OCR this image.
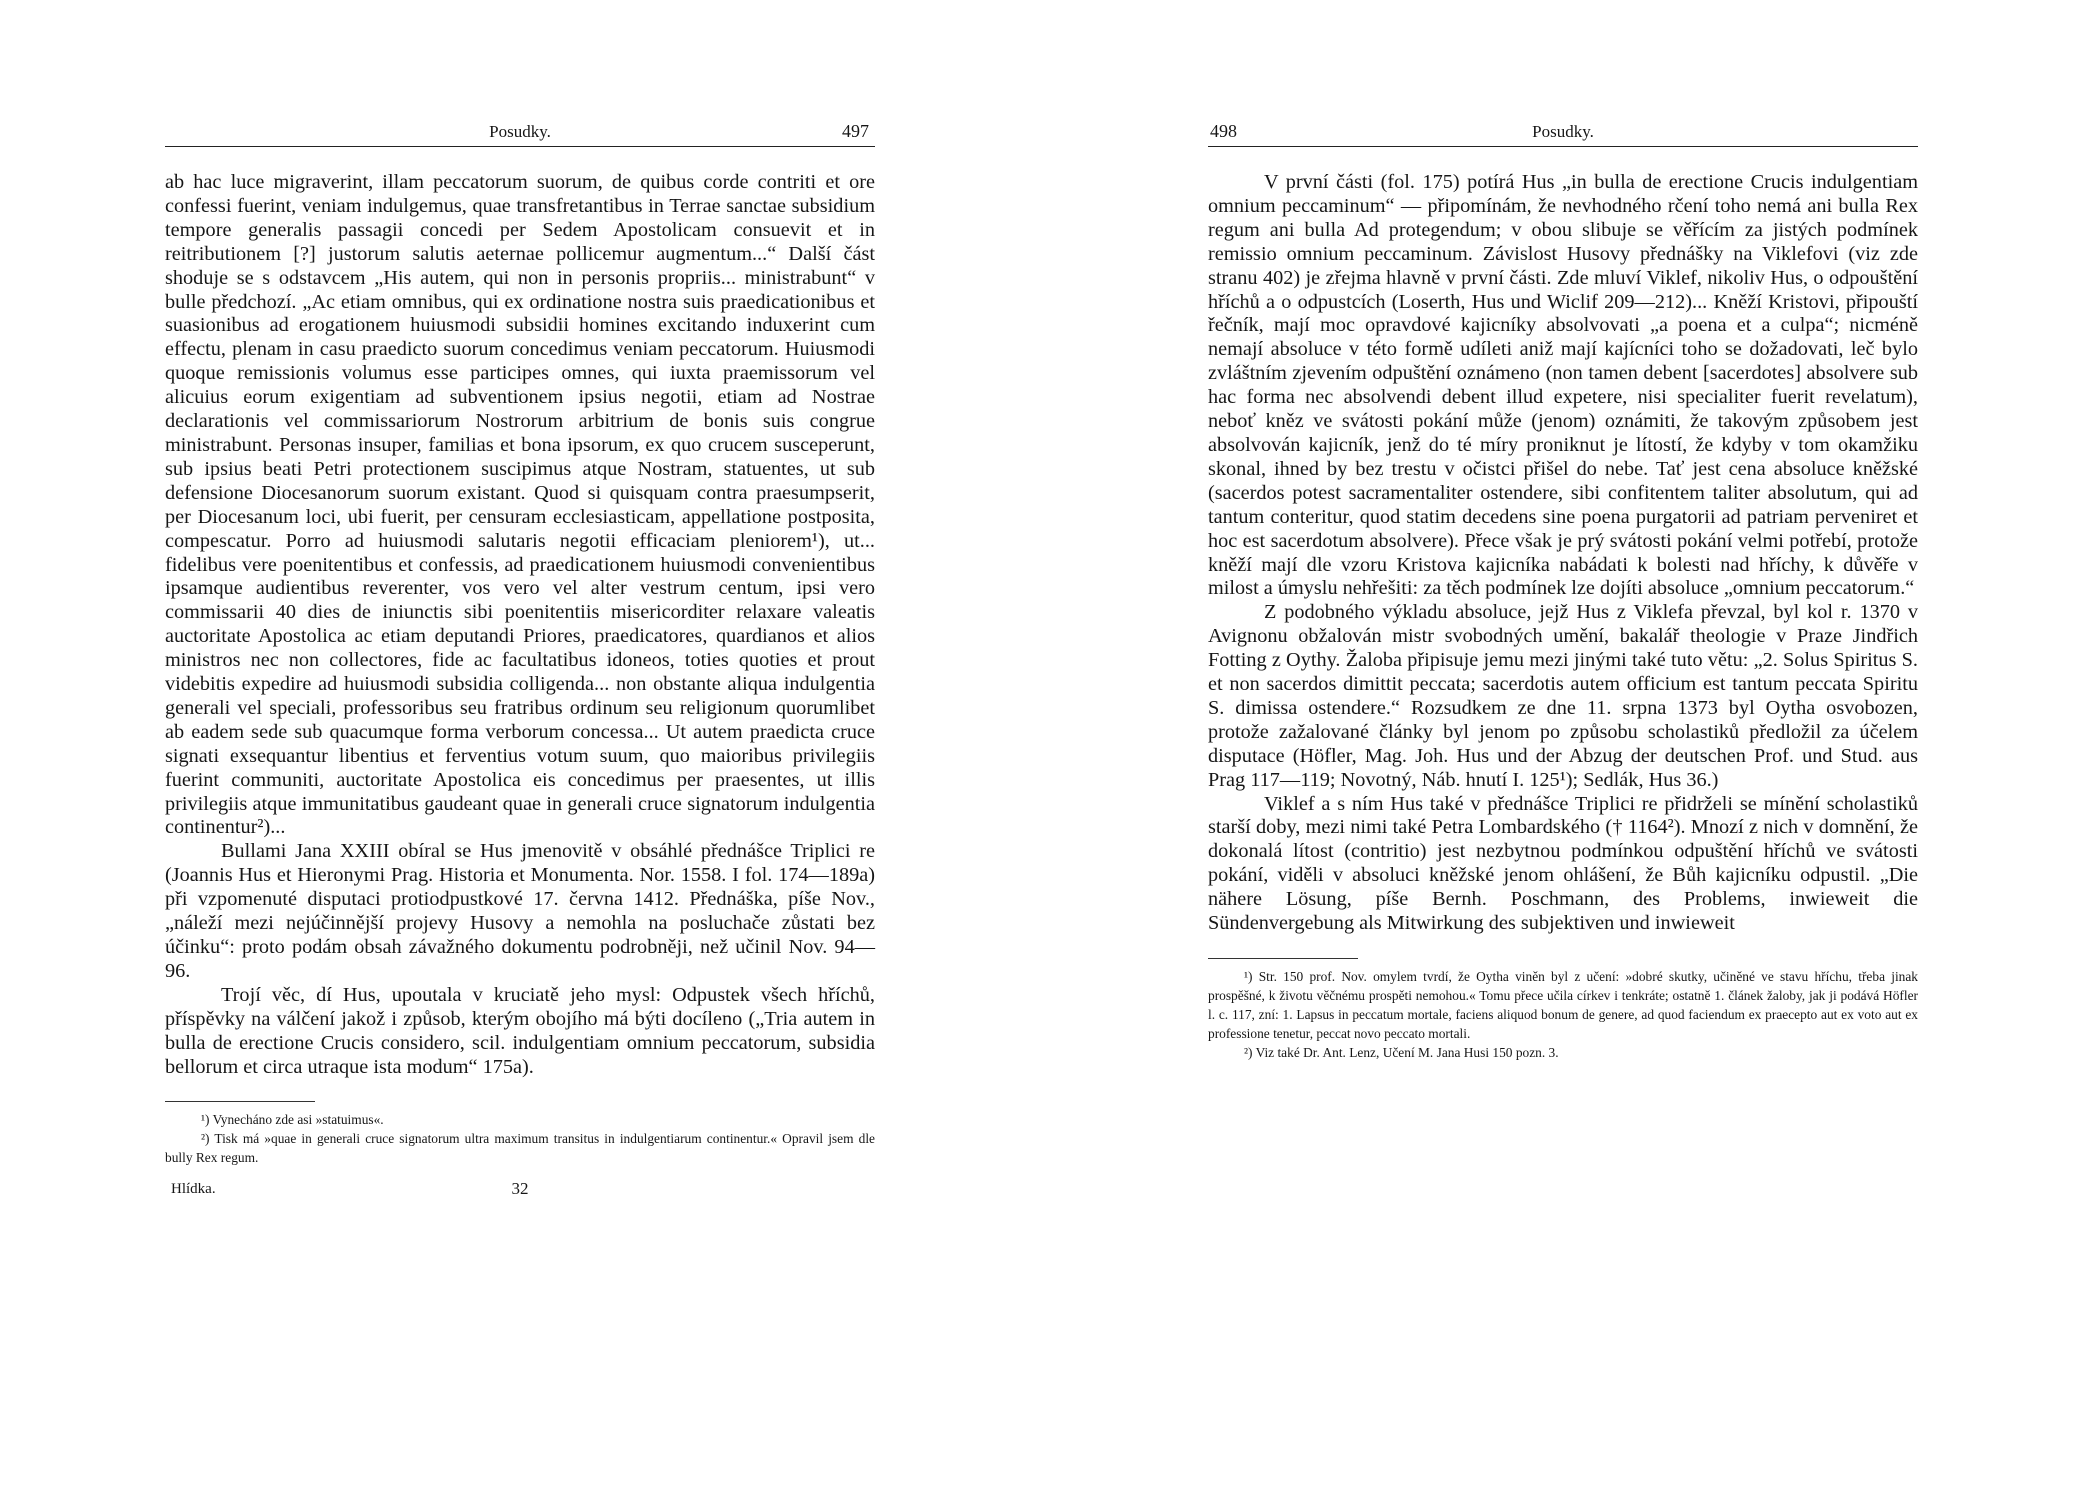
Posudky.	497

ab hac luce migraverint, illam peccatorum suorum, de quibus corde contriti et ore confessi fuerint, veniam indulgemus, quae transfretantibus in Terrae sanctae subsidium tempore generalis passagii concedi per Sedem Apostolicam consuevit et in reitributionem [?] justorum salutis aeternae pollicemur augmentum...“ Další část shoduje se s odstavcem „His autem, qui non in personis propriis... ministrabunt“ v bulle předchozí. „Ac etiam omnibus, qui ex ordinatione nostra suis praedicationibus et suasionibus ad erogationem huiusmodi subsidii homines excitando induxerint cum effectu, plenam in casu praedicto suorum concedimus veniam peccatorum. Huiusmodi quoque remissionis volumus esse participes omnes, qui iuxta praemissorum vel alicuius eorum exigentiam ad subventionem ipsius negotii, etiam ad Nostrae declarationis vel commissariorum Nostrorum arbitrium de bonis suis congrue ministrabunt. Personas insuper, familias et bona ipsorum, ex quo crucem susceperunt, sub ipsius beati Petri protectionem suscipimus atque Nostram, statuentes, ut sub defensione Diocesanorum suorum existant. Quod si quisquam contra praesumpserit, per Diocesanum loci, ubi fuerit, per censuram ecclesiasticam, appellatione postposita, compescatur. Porro ad huiusmodi salutaris negotii efficaciam pleniorem¹), ut... fidelibus vere poenitentibus et confessis, ad praedicationem huiusmodi convenientibus ipsamque audientibus reverenter, vos vero vel alter vestrum centum, ipsi vero commissarii 40 dies de iniunctis sibi poenitentiis misericorditer relaxare valeatis auctoritate Apostolica ac etiam deputandi Priores, praedicatores, quardianos et alios ministros nec non collectores, fide ac facultatibus idoneos, toties quoties et prout videbitis expedire ad huiusmodi subsidia colligenda... non obstante aliqua indulgentia generali vel speciali, professoribus seu fratribus ordinum seu religionum quorumlibet ab eadem sede sub quacumque forma verborum concessa... Ut autem praedicta cruce signati exsequantur libentius et ferventius votum suum, quo maioribus privilegiis fuerint communiti, auctoritate Apostolica eis concedimus per praesentes, ut illis privilegiis atque immunitatibus gaudeant quae in generali cruce signatorum indulgentia continentur²)...

Bullami Jana XXIII obíral se Hus jmenovitě v obsáhlé přednášce Triplici re (Joannis Hus et Hieronymi Prag. Historia et Monumenta. Nor. 1558. I fol. 174—189a) při vzpomenuté disputaci protiodpustkové 17. června 1412. Přednáška, píše Nov., „náleží mezi nejúčinnější projevy Husovy a nemohla na posluchače zůstati bez účinku“: proto podám obsah závažného dokumentu podrobněji, než učinil Nov. 94—96.

Trojí věc, dí Hus, upoutala v kruciatě jeho mysl: Odpustek všech hříchů, příspěvky na válčení jakož i způsob, kterým obojího má býti docíleno („Tria autem in bulla de erectione Crucis considero, scil. indulgentiam omnium peccatorum, subsidia bellorum et circa utraque ista modum“ 175a).

¹) Vynecháno zde asi »statuimus«.

²) Tisk má »quae in generali cruce signatorum ultra maximum transitus in indulgentiarum continentur.« Opravil jsem dle bully Rex regum.

Hlídka.	32
498	Posudky.

V první části (fol. 175) potírá Hus „in bulla de erectione Crucis indulgentiam omnium peccaminum“ — připomínám, že nevhodného rčení toho nemá ani bulla Rex regum ani bulla Ad protegendum; v obou slibuje se věřícím za jistých podmínek remissio omnium peccaminum. Závislost Husovy přednášky na Viklefovi (viz zde stranu 402) je zřejma hlavně v první části. Zde mluví Viklef, nikoliv Hus, o odpouštění hříchů a o odpustcích (Loserth, Hus und Wiclif 209—212)... Kněží Kristovi, připouští řečník, mají moc opravdové kajicníky absolvovati „a poena et a culpa“; nicméně nemají absoluce v této formě udíleti aniž mají kajícníci toho se dožadovati, leč bylo zvláštním zjevením odpuštění oznámeno (non tamen debent [sacerdotes] absolvere sub hac forma nec absolvendi debent illud expetere, nisi specialiter fuerit revelatum), neboť kněz ve svátosti pokání může (jenom) oznámiti, že takovým způsobem jest absolvován kajicník, jenž do té míry proniknut je lítostí, že kdyby v tom okamžiku skonal, ihned by bez trestu v očistci přišel do nebe. Tať jest cena absoluce kněžské (sacerdos potest sacramentaliter ostendere, sibi confitentem taliter absolutum, qui ad tantum conteritur, quod statim decedens sine poena purgatorii ad patriam perveniret et hoc est sacerdotum absolvere). Přece však je prý svátosti pokání velmi potřebí, protože kněží mají dle vzoru Kristova kajicníka nabádati k bolesti nad hříchy, k důvěře v milost a úmyslu nehřešiti: za těch podmínek lze dojíti absoluce „omnium peccatorum.“

Z podobného výkladu absoluce, jejž Hus z Viklefa převzal, byl kol r. 1370 v Avignonu obžalován mistr svobodných umění, bakalář theologie v Praze Jindřich Fotting z Oythy. Žaloba připisuje jemu mezi jinými také tuto větu: „2. Solus Spiritus S. et non sacerdos dimittit peccata; sacerdotis autem officium est tantum peccata Spiritu S. dimissa ostendere.“ Rozsudkem ze dne 11. srpna 1373 byl Oytha osvobozen, protože zažalované články byl jenom po způsobu scholastiků předložil za účelem disputace (Höfler, Mag. Joh. Hus und der Abzug der deutschen Prof. und Stud. aus Prag 117—119; Novotný, Náb. hnutí I. 125¹); Sedlák, Hus 36.)

Viklef a s ním Hus také v přednášce Triplici re přidrželi se mínění scholastiků starší doby, mezi nimi také Petra Lombardského († 1164²). Mnozí z nich v domnění, že dokonalá lítost (contritio) jest nezbytnou podmínkou odpuštění hříchů ve svátosti pokání, viděli v absoluci kněžské jenom ohlášení, že Bůh kajicníku odpustil. „Die nähere Lösung, píše Bernh. Poschmann, des Problems, inwieweit die Sündenvergebung als Mitwirkung des subjektiven und inwieweit

¹) Str. 150 prof. Nov. omylem tvrdí, že Oytha viněn byl z učení: »dobré skutky, učiněné ve stavu hříchu, třeba jinak prospěšné, k životu věčnému prospěti nemohou.« Tomu přece učila církev i tenkráte; ostatně 1. článek žaloby, jak ji podává Höfler l. c. 117, zní: 1. Lapsus in peccatum mortale, faciens aliquod bonum de genere, ad quod faciendum ex praecepto aut ex voto aut ex professione tenetur, peccat novo peccato mortali.

²) Viz také Dr. Ant. Lenz, Učení M. Jana Husi 150 pozn. 3.
